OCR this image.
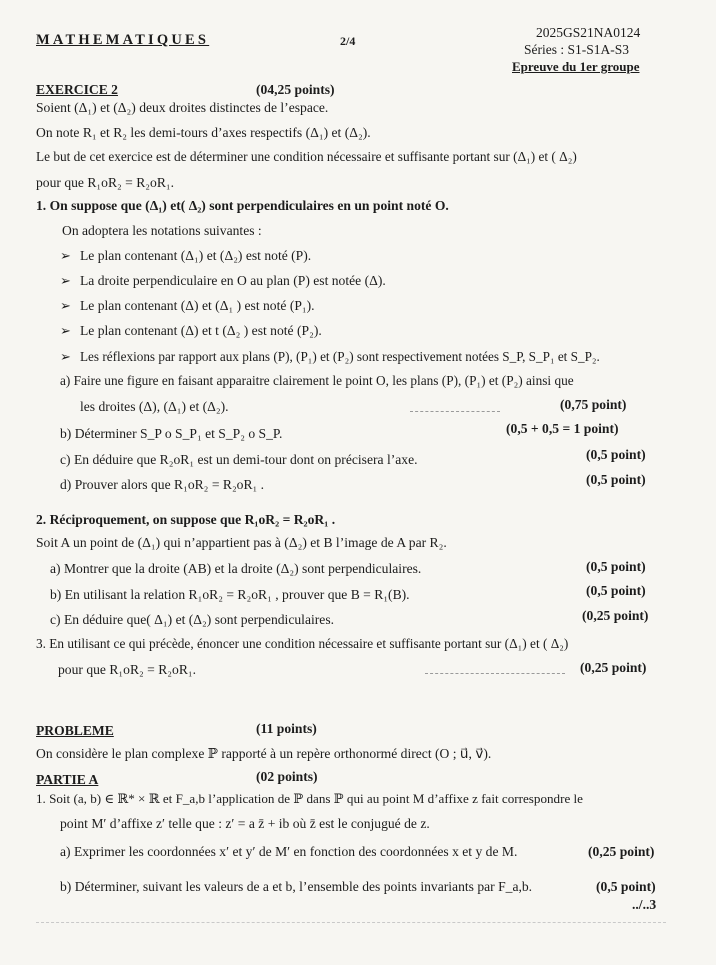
MATHEMATIQUES	2/4
2025GS21NA0124
Séries : S1-S1A-S3
Epreuve du 1er groupe
EXERCICE 2	(04,25 points)
Soient (Δ₁) et (Δ₂) deux droites distinctes de l’espace.
On note R₁ et R₂ les demi-tours d’axes respectifs (Δ₁) et (Δ₂).
Le but de cet exercice est de déterminer une condition nécessaire et suffisante portant sur (Δ₁) et ( Δ₂)
pour que R₁oR₂ = R₂oR₁.
1. On suppose que (Δ₁) et( Δ₂) sont perpendiculaires en un point noté O.
On adoptera les notations suivantes :
➢ Le plan contenant (Δ₁) et (Δ₂) est noté (P).
➢ La droite perpendiculaire en O au plan (P) est notée (Δ).
➢ Le plan contenant (Δ) et (Δ₁ ) est noté (P₁).
➢ Le plan contenant (Δ) et t (Δ₂ ) est noté (P₂).
➢ Les réflexions par rapport aux plans (P), (P₁) et (P₂) sont respectivement notées S_P, S_P₁ et S_P₂.
a) Faire une figure en faisant apparaitre clairement le point O, les plans (P), (P₁) et (P₂) ainsi que
les droites (Δ), (Δ₁) et (Δ₂).	(0,75 point)
b) Déterminer S_P o S_P₁ et S_P₂ o S_P.	(0,5 + 0,5 = 1 point)
c) En déduire que R₂oR₁ est un demi-tour dont on précisera l’axe.	(0,5 point)
d) Prouver alors que R₁oR₂ = R₂oR₁ .	(0,5 point)
2. Réciproquement, on suppose que R₁oR₂ = R₂oR₁ .
Soit A un point de (Δ₁) qui n’appartient pas à (Δ₂) et B l’image de A par R₂.
a) Montrer que la droite (AB) et la droite (Δ₂) sont perpendiculaires.	(0,5 point)
b) En utilisant la relation R₁oR₂ = R₂oR₁ , prouver que B = R₁(B).	(0,5 point)
c) En déduire que( Δ₁) et (Δ₂) sont perpendiculaires.	(0,25 point)
3. En utilisant ce qui précède, énoncer une condition nécessaire et suffisante portant sur (Δ₁) et ( Δ₂)
pour que R₁oR₂ = R₂oR₁.	(0,25 point)
PROBLEME	(11 points)
On considère le plan complexe ℙ rapporté à un repère orthonormé direct (O ; u⃗, v⃗).
PARTIE A	(02 points)
1. Soit (a, b) ∈ ℝ* × ℝ et F_a,b l’application de ℙ dans ℙ qui au point M d’affixe z fait correspondre le
point M′ d’affixe z′ telle que : z′ = a z̄ + ib où z̄ est le conjugué de z.
a) Exprimer les coordonnées x′ et y′ de M′ en fonction des coordonnées x et y de M.	(0,25 point)
b) Déterminer, suivant les valeurs de a et b, l’ensemble des points invariants par F_a,b.	(0,5 point)
../..3
